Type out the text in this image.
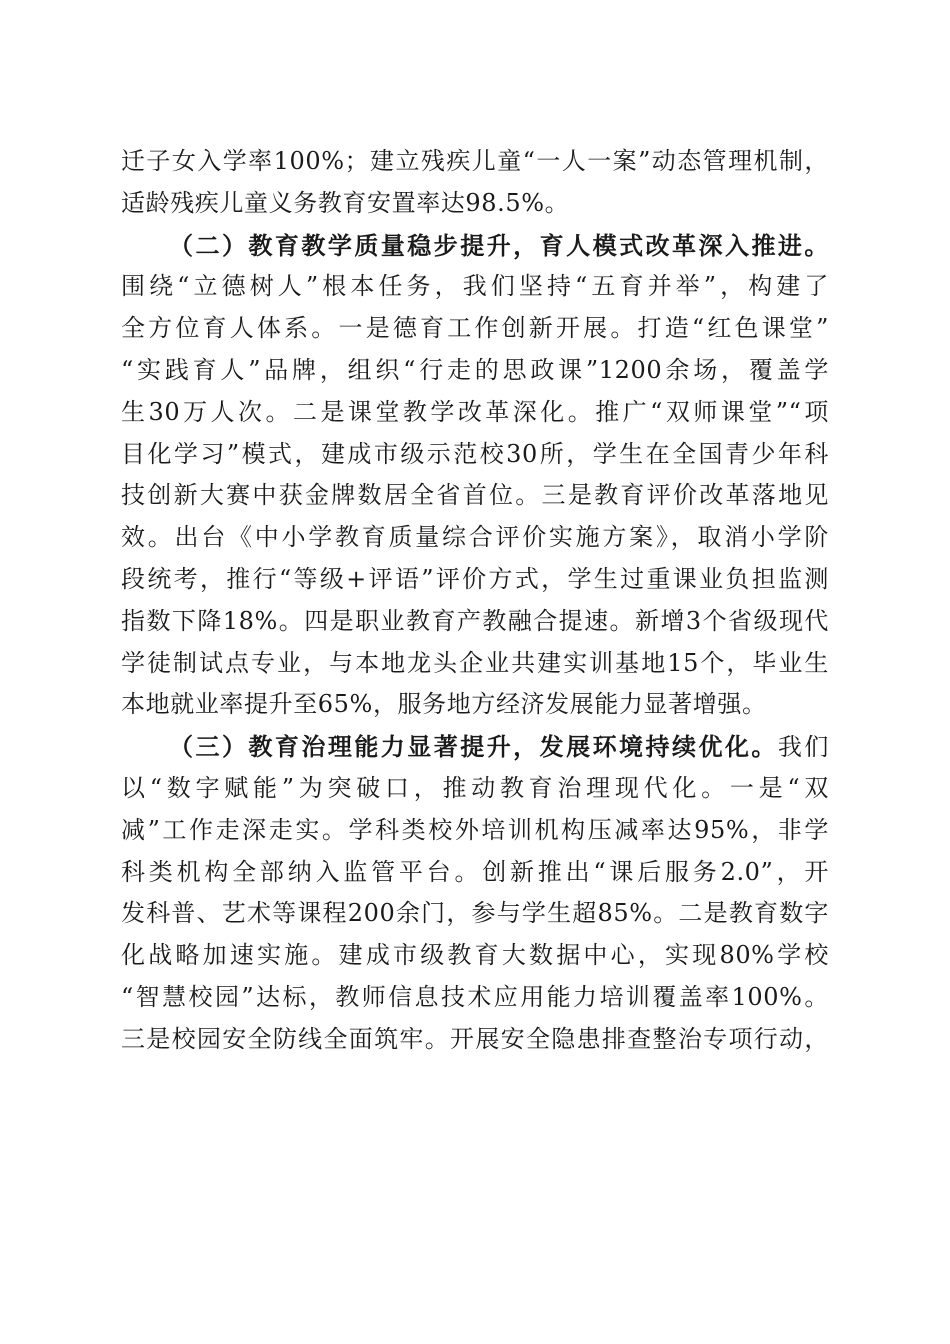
迁子女入学率100%；建立残疾儿童“一人一案”动态管理机制，
适龄残疾儿童义务教育安置率达98.5%。
（二）教育教学质量稳步提升，育人模式改革深入推进。
围绕“立德树人”根本任务，我们坚持“五育并举”，构建了
全方位育人体系。一是德育工作创新开展。打造“红色课堂”
“实践育人”品牌，组织“行走的思政课”1200余场，覆盖学
生30万人次。二是课堂教学改革深化。推广“双师课堂”“项
目化学习”模式，建成市级示范校30所，学生在全国青少年科
技创新大赛中获金牌数居全省首位。三是教育评价改革落地见
效。出台《中小学教育质量综合评价实施方案》，取消小学阶
段统考，推行“等级+评语”评价方式，学生过重课业负担监测
指数下降18%。四是职业教育产教融合提速。新增3个省级现代
学徒制试点专业，与本地龙头企业共建实训基地15个，毕业生
本地就业率提升至65%，服务地方经济发展能力显著增强。
（三）教育治理能力显著提升，发展环境持续优化。我们
以“数字赋能”为突破口，推动教育治理现代化。一是“双
减”工作走深走实。学科类校外培训机构压减率达95%，非学
科类机构全部纳入监管平台。创新推出“课后服务2.0”，开
发科普、艺术等课程200余门，参与学生超85%。二是教育数字
化战略加速实施。建成市级教育大数据中心，实现80%学校
“智慧校园”达标，教师信息技术应用能力培训覆盖率100%。
三是校园安全防线全面筑牢。开展安全隐患排查整治专项行动，
